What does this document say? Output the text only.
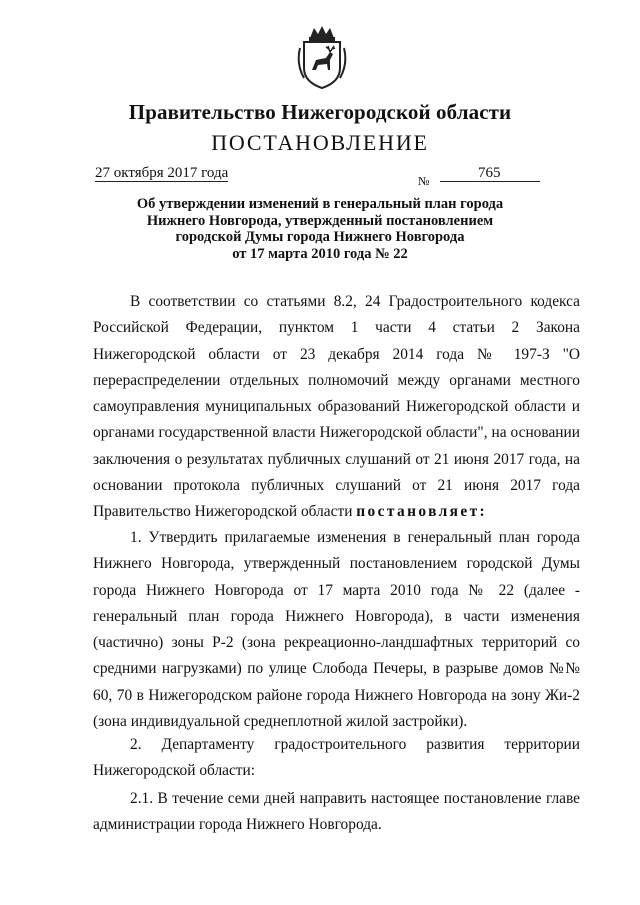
Правительство Нижегородской области
ПОСТАНОВЛЕНИЕ
27 октября 2017 года	№	765
Об утверждении изменений в генеральный план города
Нижнего Новгорода, утвержденный постановлением
городской Думы города Нижнего Новгорода
от 17 марта 2010 года № 22
В соответствии со статьями 8.2, 24 Градостроительного кодекса Российской Федерации, пунктом 1 части 4 статьи 2 Закона Нижегородской области от 23 декабря 2014 года № 197-З "О перераспределении отдельных полномочий между органами местного самоуправления муниципальных образований Нижегородской области и органами государственной власти Нижегородской области", на основании заключения о результатах публичных слушаний от 21 июня 2017 года, на основании протокола публичных слушаний от 21 июня 2017 года Правительство Нижегородской области постановляет:
1. Утвердить прилагаемые изменения в генеральный план города Нижнего Новгорода, утвержденный постановлением городской Думы города Нижнего Новгорода от 17 марта 2010 года № 22 (далее - генеральный план города Нижнего Новгорода), в части изменения (частично) зоны Р-2 (зона рекреационно-ландшафтных территорий со средними нагрузками) по улице Слобода Печеры, в разрыве домов №№ 60, 70 в Нижегородском районе города Нижнего Новгорода на зону Жи-2 (зона индивидуальной среднеплотной жилой застройки).
2. Департаменту градостроительного развития территории Нижегородской области:
2.1. В течение семи дней направить настоящее постановление главе администрации города Нижнего Новгорода.
